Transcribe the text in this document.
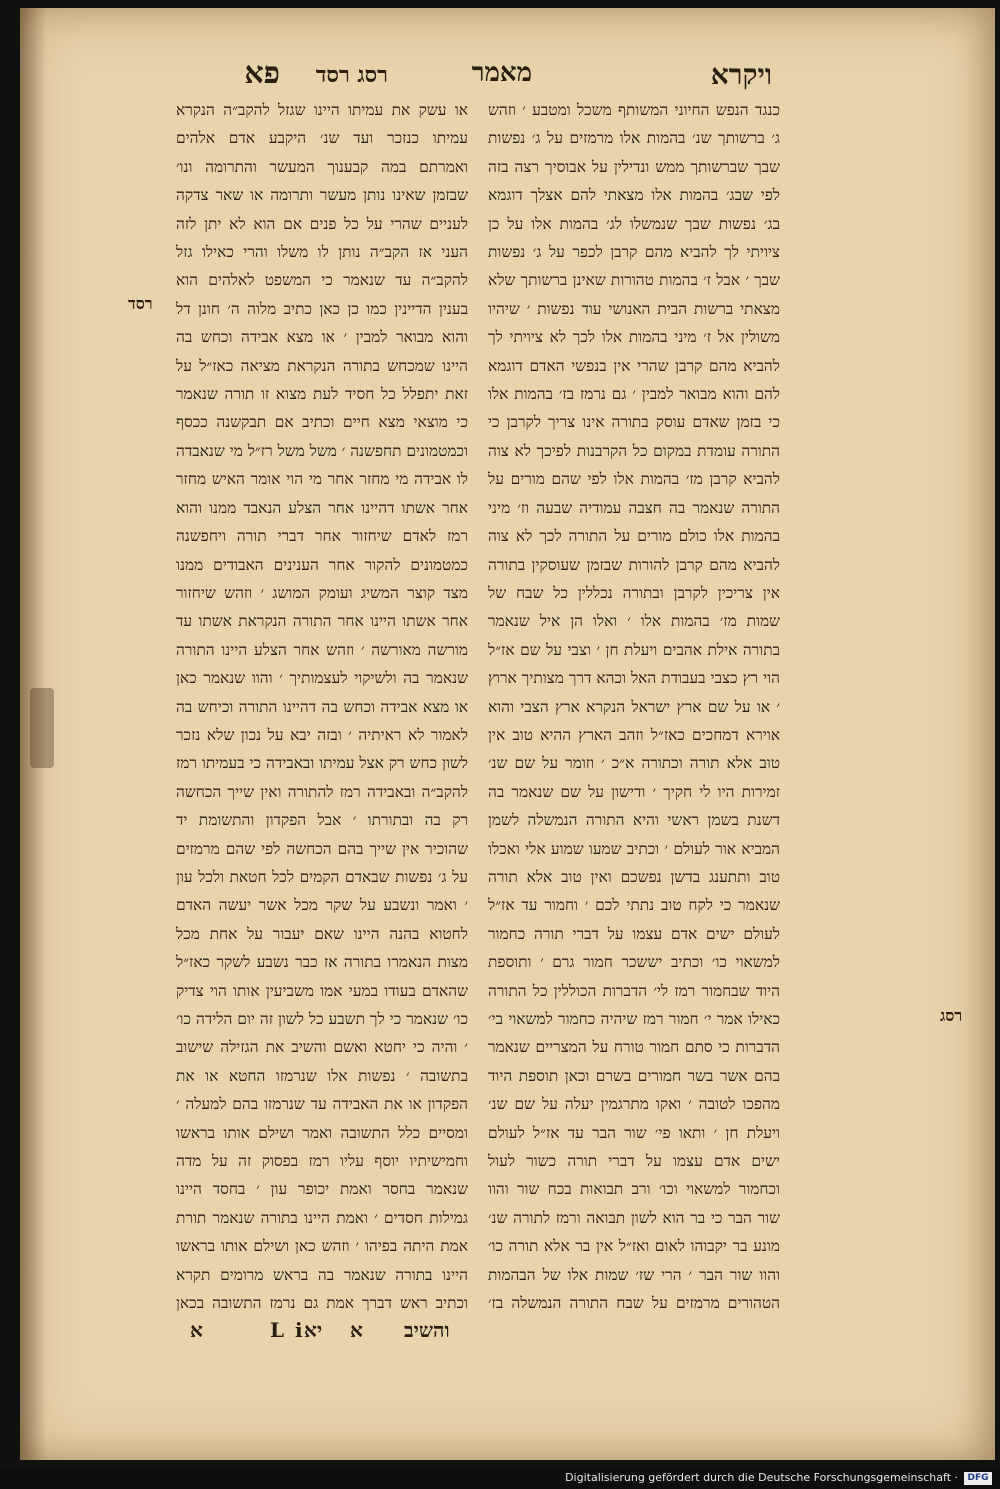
ויקרא
מאמר
רסג רסד
פא

כנגד הנפש החיוני המשותף משכל ומטבע ׳ וזהש ג׳ ברשותך שנ׳ בהמות אלו מרמזים על ג׳ נפשות שבך שברשותך ממש ונדילין על אבוסיך רצה בזה לפי שבג׳ בהמות אלו מצאתי להם אצלך דוגמא בג׳ נפשות שבך שנמשלו לג׳ בהמות אלו על כן ציויתי לך להביא מהם קרבן לכפר על ג׳ נפשות שבך ׳ אבל ז׳ בהמות טהורות שאינן ברשותך שלא מצאתי ברשות הבית האנושי עוד נפשות ׳ שיהיו משולין אל ז׳ מיני בהמות אלו לכך לא ציויתי לך להביא מהם קרבן שהרי אין בנפשי האדם דוגמא להם והוא מבואר למבין ׳ גם נרמז בז׳ בהמות אלו כי בזמן שאדם עוסק בתורה אינו צריך לקרבן כי התורה עומדת במקום כל הקרבנות לפיכך לא צוה להביא קרבן מז׳ בהמות אלו לפי שהם מורים על התורה שנאמר בה חצבה עמודיה שבעה וז׳ מיני בהמות אלו כולם מורים על התורה לכך לא צוה להביא מהם קרבן להורות שבזמן שעוסקין בתורה אין צריכין לקרבן ובתורה נכללין כל שבח של שמות מז׳ בהמות אלו ׳ ואלו הן איל שנאמר בתורה אילת אהבים ויעלת חן ׳ וצבי על שם אז״ל הוי רץ כצבי בעבודת האל וכהא דרך מצותיך ארוץ ׳ או על שם ארץ ישראל הנקרא ארץ הצבי והוא אוירא דמחכים כאז״ל וזהב הארץ ההיא טוב אין טוב אלא תורה וכתורה א״כ ׳ וזומר על שם שנ׳ זמירות היו לי חקיך ׳ ודישון על שם שנאמר בה דשנת בשמן ראשי והיא התורה הנמשלה לשמן המביא אור לעולם ׳ וכתיב שמעו שמוע אלי ואכלו טוב ותתענג בדשן נפשכם ואין טוב אלא תורה שנאמר כי לקח טוב נתתי לכם ׳ וחמור עד אז״ל לעולם ישים אדם עצמו על דברי תורה כחמור למשאוי כו׳ וכתיב יששכר חמור גרם ׳ ותוספת היוד שבחמור רמז לי׳ הדברות הכוללין כל התורה כאילו אמר י׳ חמור רמז שיהיה כחמור למשאוי בי׳ הדברות כי סתם חמור טורח על המצריים שנאמר בהם אשר בשר חמורים בשרם וכאן תוספת היוד מהפכו לטובה ׳ ואקו מתרגמין יעלה על שם שנ׳ ויעלת חן ׳ ותאו פי׳ שור הבר עד אז״ל לעולם ישים אדם עצמו על דברי תורה כשור לעול וכחמור למשאוי וכו׳ ורב תבואות בכח שור והוו שור הבר כי בר הוא לשון תבואה ורמז לתורה שנ׳ מונע בר יקבוהו לאום ואז״ל אין בר אלא תורה כו׳ והוו שור הבר ׳ הרי שז׳ שמות אלו של הבהמות הטהורים מרמזים על שבח התורה הנמשלה בז׳

או עשק את עמיתו היינו שגזל להקב״ה הנקרא עמיתו כנזכר ועד שנ׳ היקבע אדם אלהים ואמרתם במה קבענוך המעשר והתרומה ונו׳ שבזמן שאינו נותן מעשר ותרומה או שאר צדקה לעניים שהרי על כל פנים אם הוא לא יתן לזה העני אז הקב״ה נותן לו משלו והרי כאילו גזל להקב״ה עד שנאמר כי המשפט לאלהים הוא בענין הדיינין כמו כן כאן כתיב מלוה ה׳ חונן דל והוא מבואר למבין ׳ או מצא אבידה וכחש בה היינו שמכחש בתורה הנקראת מציאה כאז״ל על זאת יתפלל כל חסיד לעת מצוא זו תורה שנאמר כי מוצאי מצא חיים וכתיב אם תבקשנה ככסף וכמטמונים תחפשנה ׳ משל משל רז״ל מי שנאבדה לו אבידה מי מחזר אחר מי הוי אומר האיש מחזר אחר אשתו דהיינו אחר הצלע הנאבד ממנו והוא רמז לאדם שיחזור אחר דברי תורה ויחפשנה כמטמונים להקור אחר הענינים האבודים ממנו מצד קוצר המשיג ועומק המושג ׳ וזהש שיחזור אחר אשתו היינו אחר התורה הנקראת אשתו עד מורשה מאורשה ׳ וזהש אחר הצלע היינו התורה שנאמר בה ולשיקוי לעצמותיך ׳ והוו שנאמר כאן או מצא אבידה וכחש בה דהיינו התורה וכיחש בה לאמור לא ראיתיה ׳ ובזה יבא על נכון שלא נזכר לשון כחש רק אצל עמיתו ובאבידה כי בעמיתו רמז להקב״ה ובאבידה רמז להתורה ואין שייך הכחשה רק בה ובתורתו ׳ אבל הפקדון והתשומת יד שהוכיר אין שייך בהם הכחשה לפי שהם מרמזים על ג׳ נפשות שבאדם הקמים לכל חטאת ולכל עון ׳ ואמר ונשבע על שקר מכל אשר יעשה האדם לחטוא בהנה היינו שאם יעבור על אחת מכל מצות הנאמרו בתורה אז כבר נשבע לשקר כאז״ל שהאדם בעודו במעי אמו משביעין אותו הוי צדיק כו׳ שנאמר כי לך תשבע כל לשון זה יום הלידה כו׳ ׳ והיה כי יחטא ואשם והשיב את הגזילה שישוב בתשובה ׳ נפשות אלו שנרמזו החטא או את הפקדון או את האבידה עד שנרמזו בהם למעלה ׳ ומסיים כלל התשובה ואמר ושילם אותו בראשו וחמישיתיו יוסף עליו רמז בפסוק זה על מדה שנאמר בחסר ואמת יכופר עון ׳ בחסד היינו גמילות חסדים ׳ ואמת היינו בתורה שנאמר תורת אמת היתה בפיהו ׳ וזהש כאן ושילם אותו בראשו היינו בתורה שנאמר בה בראש מרומים תקרא וכתיב ראש דברך אמת גם נרמז התשובה בכאן

רסד
רסג
והשיב
א
יא
L i
א
Digitalisierung gefördert durch die Deutsche Forschungsgemeinschaft ·	DFG
